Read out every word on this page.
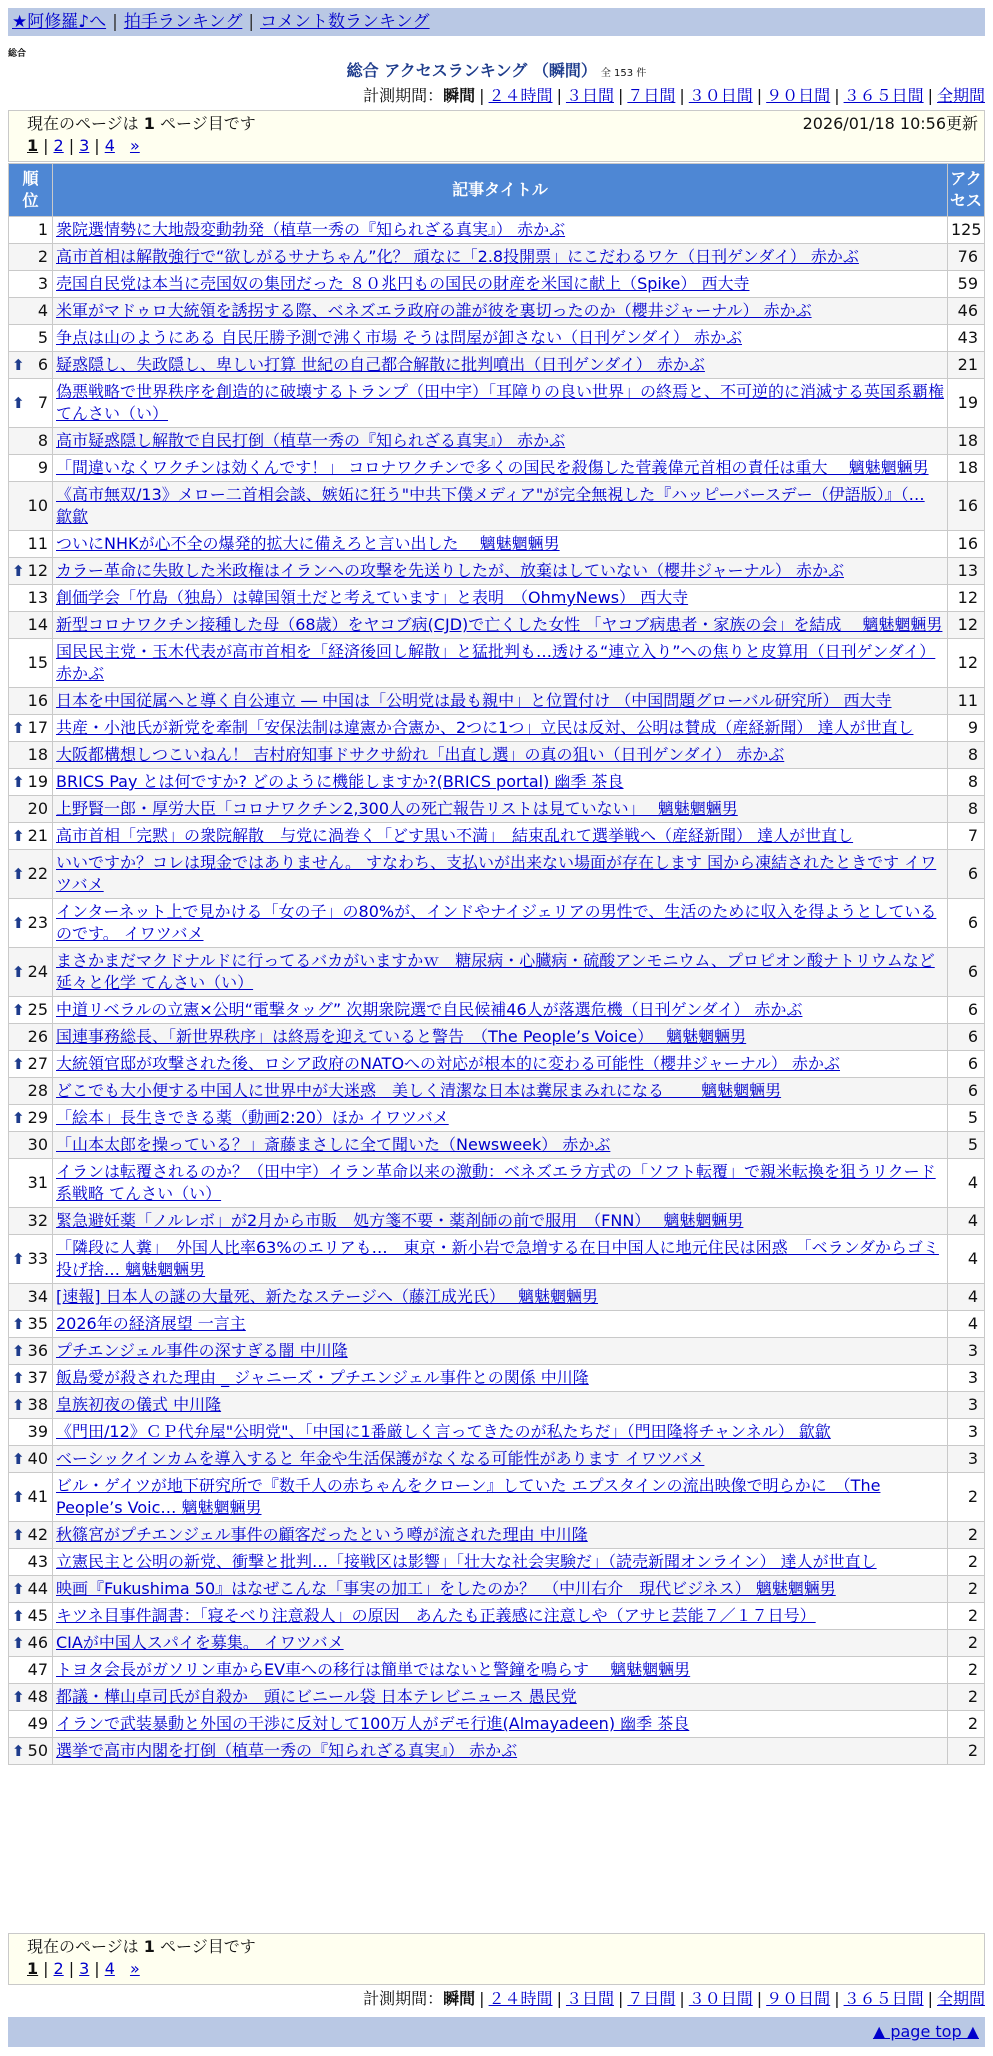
★阿修羅♪へ | 拍手ランキング | コメント数ランキング
総合
総合 アクセスランキング （瞬間） 全 153 件
計測期間：瞬間 | ２４時間 | ３日間 | ７日間 | ３０日間 | ９０日間 | ３６５日間 | 全期間
現在のページは 1 ページ目です	2026/01/18 10:56更新
1 | 2 | 3 | 4 »
順位	記事タイトル	アクセス
1	衆院選情勢に大地殻変動勃発（植草一秀の『知られざる真実』） 赤かぶ	125
2	高市首相は解散強行で“欲しがるサナちゃん”化？ 頑なに「2.8投開票」にこだわるワケ（日刊ゲンダイ） 赤かぶ	76
3	売国自民党は本当に売国奴の集団だった ８０兆円もの国民の財産を米国に献上（Spike） 西大寺	59
4	米軍がマドゥロ大統領を誘拐する際、ベネズエラ政府の誰が彼を裏切ったのか（櫻井ジャーナル） 赤かぶ	46
5	争点は山のようにある 自民圧勝予測で沸く市場 そうは問屋が卸さない（日刊ゲンダイ） 赤かぶ	43

⬆ 6	疑惑隠し、失政隠し、卑しい打算 世紀の自己都合解散に批判噴出（日刊ゲンダイ） 赤かぶ	21

⬆ 7	偽悪戦略で世界秩序を創造的に破壊するトランプ（田中宇）「耳障りの良い世界」の終焉と、不可逆的に消滅する英国系覇権 てんさい（い）	19
8	高市疑惑隠し解散で自民打倒（植草一秀の『知られざる真実』） 赤かぶ	18
9	「間違いなくワクチンは効くんです！」 コロナワクチンで多くの国民を殺傷した菅義偉元首相の責任は重大　 魑魅魍魎男	18
10	《高市無双/13》メロー二首相会談、嫉妬に狂う"中共下僕メディア"が完全無視した『ハッピーバースデー（伊語版）』（… 歙歙	16
11	ついにNHKが心不全の爆発的拡大に備えろと言い出した　 魑魅魍魎男	16

⬆ 12	カラー革命に失敗した米政権はイランへの攻撃を先送りしたが、放棄はしていない（櫻井ジャーナル） 赤かぶ	13
13	創価学会「竹島（独島）は韓国領土だと考えています」と表明　（OhmyNews） 西大寺	12
14	新型コロナワクチン接種した母（68歳）をヤコブ病(CJD)で亡くした女性 「ヤコブ病患者・家族の会」を結成　 魑魅魍魎男	12
15	国民民主党・玉木代表が高市首相を「経済後回し解散」と猛批判も…透ける“連立入り”への焦りと皮算用（日刊ゲンダイ） 赤かぶ	12
16	日本を中国従属へと導く自公連立 ― 中国は「公明党は最も親中」と位置付け （中国問題グローバル研究所） 西大寺	11

⬆ 17	共産・小池氏が新党を牽制「安保法制は違憲か合憲か、2つに1つ」立民は反対、公明は賛成（産経新聞） 達人が世直し	9
18	大阪都構想しつこいねん！ 吉村府知事ドサクサ紛れ「出直し選」の真の狙い（日刊ゲンダイ） 赤かぶ	8

⬆ 19	BRICS Pay とは何ですか? どのように機能しますか?(BRICS portal) 幽季 茶良	8
20	上野賢一郎・厚労大臣「コロナワクチン2,300人の死亡報告リストは見ていない」　 魑魅魍魎男	8

⬆ 21	高市首相「完黙」の衆院解散　与党に渦巻く「どす黒い不満」　結束乱れて選挙戦へ（産経新聞） 達人が世直し	7

⬆ 22	いいですか？コレは現金ではありません。 すなわち、支払いが出来ない場面が存在します 国から凍結されたときです イワツバメ	6

⬆ 23	インターネット上で見かける「女の子」の80%が、インドやナイジェリアの男性で、生活のために収入を得ようとしているのです。 イワツバメ	6

⬆ 24	まさかまだマクドナルドに行ってるバカがいますかｗ　糖尿病・心臓病・硫酸アンモニウム、プロピオン酸ナトリウムなど 延々と化学 てんさい（い）	6

⬆ 25	中道リベラルの立憲×公明“電撃タッグ” 次期衆院選で自民候補46人が落選危機（日刊ゲンダイ） 赤かぶ	6
26	国連事務総長、「新世界秩序」は終焉を迎えていると警告　（The People’s Voice）　 魑魅魍魎男	6

⬆ 27	大統領官邸が攻撃された後、ロシア政府のNATOへの対応が根本的に変わる可能性（櫻井ジャーナル） 赤かぶ	6
28	どこでも大小便する中国人に世界中が大迷惑　美しく清潔な日本は糞尿まみれになる　　 魑魅魍魎男	6

⬆ 29	「絵本」長生きできる薬（動画2:20）ほか イワツバメ	5
30	「山本太郎を操っている？」斎藤まさしに全て聞いた（Newsweek） 赤かぶ	5
31	イランは転覆されるのか？（田中宇）イラン革命以来の激動：ベネズエラ方式の「ソフト転覆」で親米転換を狙うリクード系戦略 てんさい（い）	4
32	緊急避妊薬「ノルレボ」が2月から市販　処方箋不要・薬剤師の前で服用　（FNN）　 魑魅魍魎男	4

⬆ 33	「隣段に人糞」　外国人比率63%のエリアも…　東京・新小岩で急増する在日中国人に地元住民は困惑　「ベランダからゴミ投げ捨… 魑魅魍魎男	4
34	[速報] 日本人の謎の大量死、新たなステージへ（藤江成光氏）　 魑魅魍魎男	4

⬆ 35	2026年の経済展望 一言主	4

⬆ 36	プチエンジェル事件の深すぎる闇 中川隆	3

⬆ 37	飯島愛が殺された理由 _ ジャニーズ・プチエンジェル事件との関係 中川隆	3

⬆ 38	皇族初夜の儀式 中川隆	3
39	《門田/12》ＣＰ代弁屋"公明党"、「中国に1番厳しく言ってきたのが私たちだ」（門田隆将チャンネル） 歙歙	3

⬆ 40	ベーシックインカムを導入すると 年金や生活保護がなくなる可能性があります イワツバメ	3

⬆ 41	ビル・ゲイツが地下研究所で『数千人の赤ちゃんをクローン』していた エプスタインの流出映像で明らかに　（The People’s Voic… 魑魅魍魎男	2

⬆ 42	秋篠宮がプチエンジェル事件の顧客だったという噂が流された理由 中川隆	2
43	立憲民主と公明の新党、衝撃と批判…「接戦区は影響」「壮大な社会実験だ」（読売新聞オンライン） 達人が世直し	2

⬆ 44	映画『Fukushima 50』はなぜこんな「事実の加工」をしたのか？　（中川右介　現代ビジネス） 魑魅魍魎男	2

⬆ 45	キツネ目事件調書：「寝そべり注意殺人」の原因　あんたも正義感に注意しや（アサヒ芸能７／１７日号）	2

⬆ 46	CIAが中国人スパイを募集。 イワツバメ	2
47	トヨタ会長がガソリン車からEV車への移行は簡単ではないと警鐘を鳴らす　 魑魅魍魎男	2

⬆ 48	都議・樺山卓司氏が自殺か　頭にビニール袋 日本テレビニュース 愚民党	2
49	イランで武装暴動と外国の干渉に反対して100万人がデモ行進(Almayadeen) 幽季 茶良	2

⬆ 50	選挙で高市内閣を打倒（植草一秀の『知られざる真実』） 赤かぶ	2
現在のページは 1 ページ目です
1 | 2 | 3 | 4 »
計測期間：瞬間 | ２４時間 | ３日間 | ７日間 | ３０日間 | ９０日間 | ３６５日間 | 全期間
▲ page top ▲
